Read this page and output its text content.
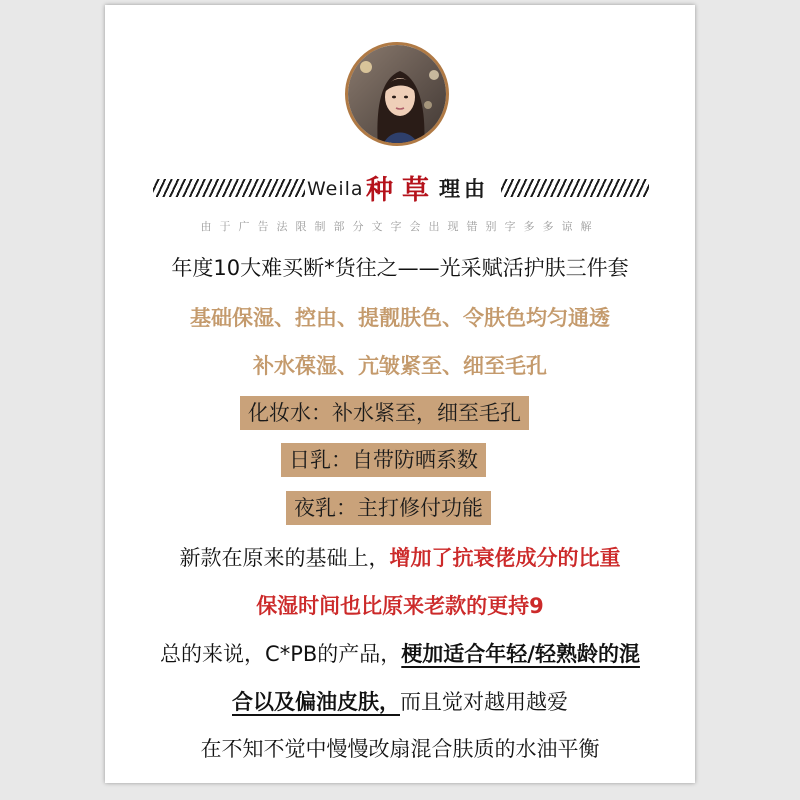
Weila 种 草 理由
由于广告法限制部分文字会出现错别字多多谅解
年度10大难买断*货往之——光采赋活护肤三件套
基础保湿、控由、提靓肤色、令肤色均匀通透
补水葆湿、亢皱紧至、细至毛孔
化妆水：补水紧至，细至毛孔
日乳：自带防晒系数
夜乳：主打修付功能
新款在原来的基础上，增加了抗衰佬成分的比重
保湿时间也比原来老款的更持9
总的来说，C*PB的产品，梗加适合年轻/轻熟龄的混
合以及偏油皮肤，而且觉对越用越爱
在不知不觉中慢慢改扇混合肤质的水油平衡
